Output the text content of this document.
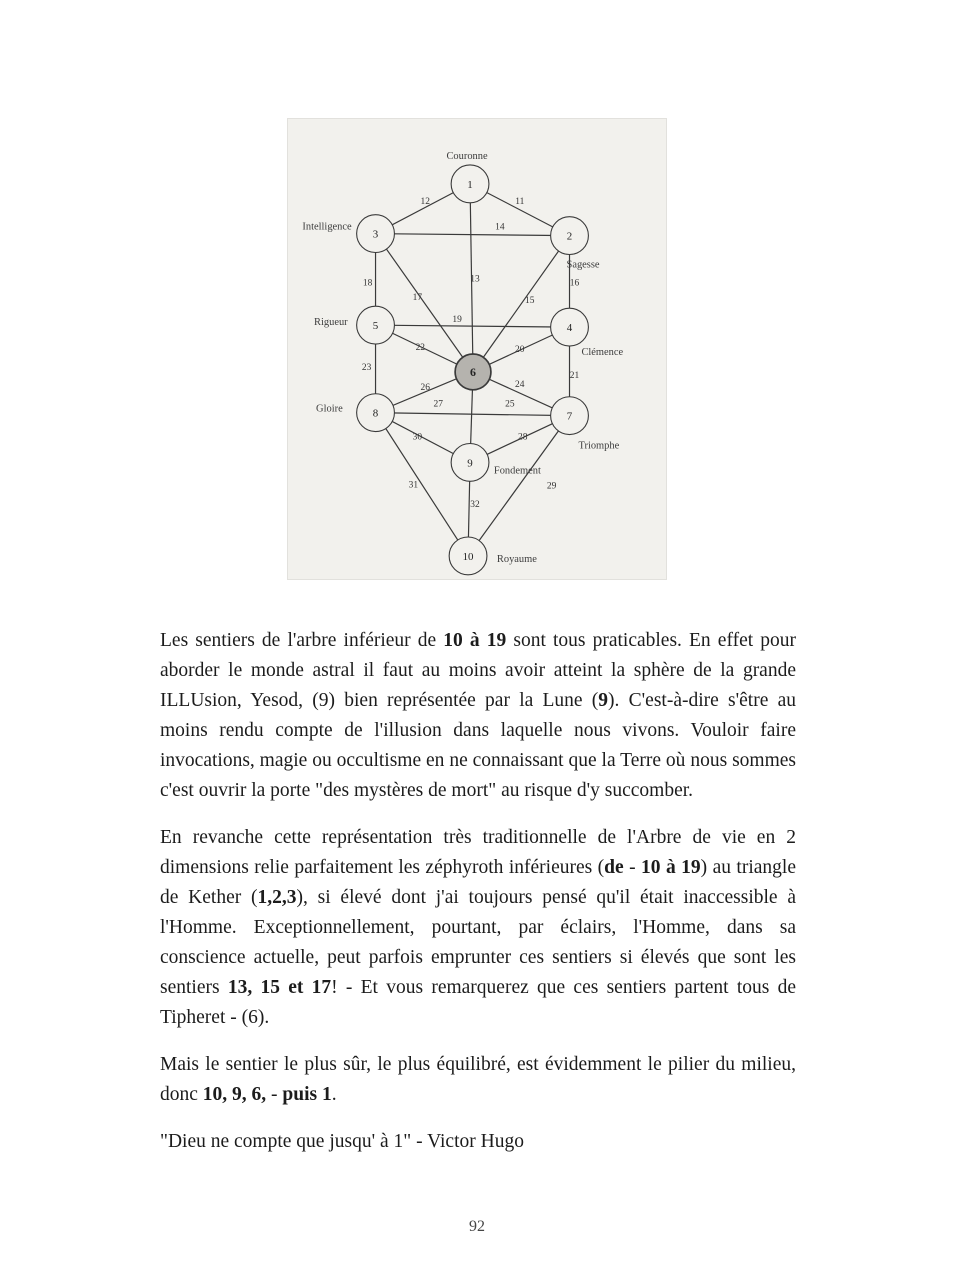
1
Couronne
2
Sagesse
3
Intelligence
4
Clémence
5
Rigueur
6
7
Triomphe
8
Gloire
9
Fondement
10 Royaume
11
12
13
14
15
16
17
18
19
20
21
22
23
24
25
26
27
28
29
30
31
32

Les sentiers de l'arbre inférieur de 10 à 19 sont tous praticables. En effet pour aborder le monde astral il faut au moins avoir atteint la sphère de la grande ILLUsion, Yesod, (9) bien représentée par la Lune (9). C'est-à-dire s'être au moins rendu compte de l'illusion dans laquelle nous vivons. Vouloir faire invocations, magie ou occultisme en ne connaissant que la Terre où nous sommes c'est ouvrir la porte "des mystères de mort" au risque d'y succomber.

En revanche cette représentation très traditionnelle de l'Arbre de vie en 2 dimensions relie parfaitement les zéphyroth inférieures (de - 10 à 19) au triangle de Kether (1,2,3), si élevé dont j'ai toujours pensé qu'il était inaccessible à l'Homme. Exceptionnellement, pourtant, par éclairs, l'Homme, dans sa conscience actuelle, peut parfois emprunter ces sentiers si élevés que sont les sentiers 13, 15 et 17! - Et vous remarquerez que ces sentiers partent tous de Tipheret - (6).

Mais le sentier le plus sûr, le plus équilibré, est évidemment le pilier du milieu, donc 10, 9, 6, - puis 1.

"Dieu ne compte que jusqu' à 1" - Victor Hugo

92
